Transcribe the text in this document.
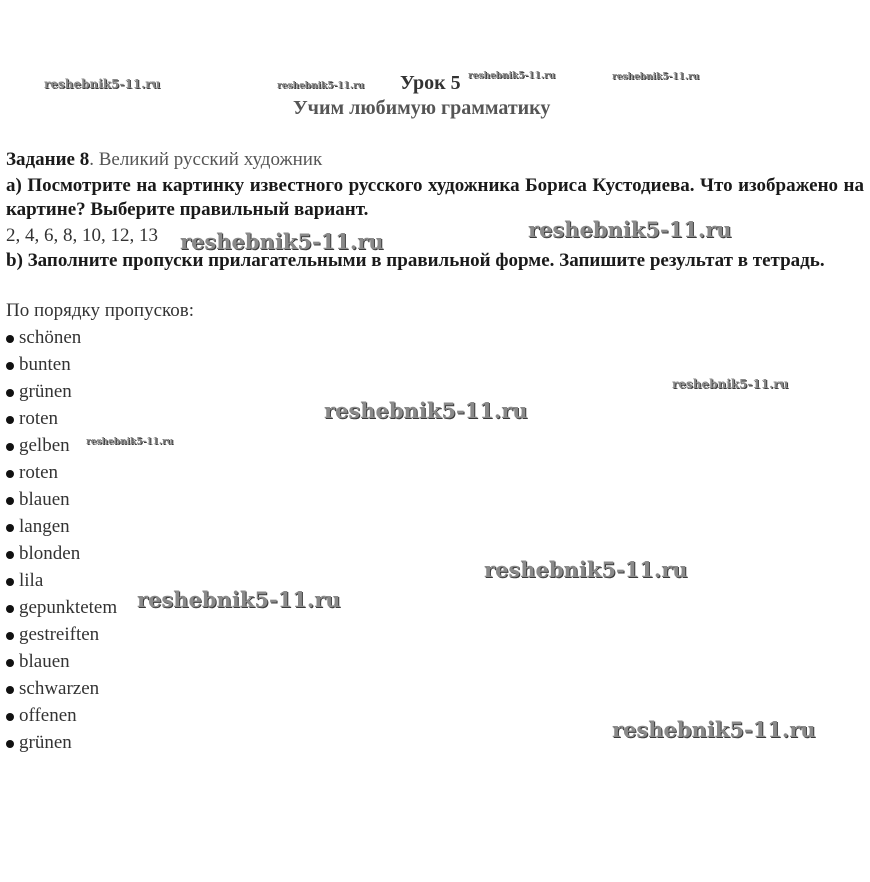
Урок 5
Учим любимую грамматику
Задание 8. Великий русский художник
a) Посмотрите на картинку известного русского художника Бориса Кустодиева. Что изображено на картине? Выберите правильный вариант.
2, 4, 6, 8, 10, 12, 13
b) Заполните пропуски прилагательными в правильной форме. Запишите результат в тетрадь.
По порядку пропусков:
schönen
bunten
grünen
roten
gelben
roten
blauen
langen
blonden
lila
gepunktetem
gestreiften
blauen
schwarzen
offenen
grünen
reshebnik5-11.ru	reshebnik5-11.ru
reshebnik5-11.ru	reshebnik5-11.ru
reshebnik5-11.ru	reshebnik5-11.ru
reshebnik5-11.ru
reshebnik5-11.ru
reshebnik5-11.ru
reshebnik5-11.ru
reshebnik5-11.ru
reshebnik5-11.ru
